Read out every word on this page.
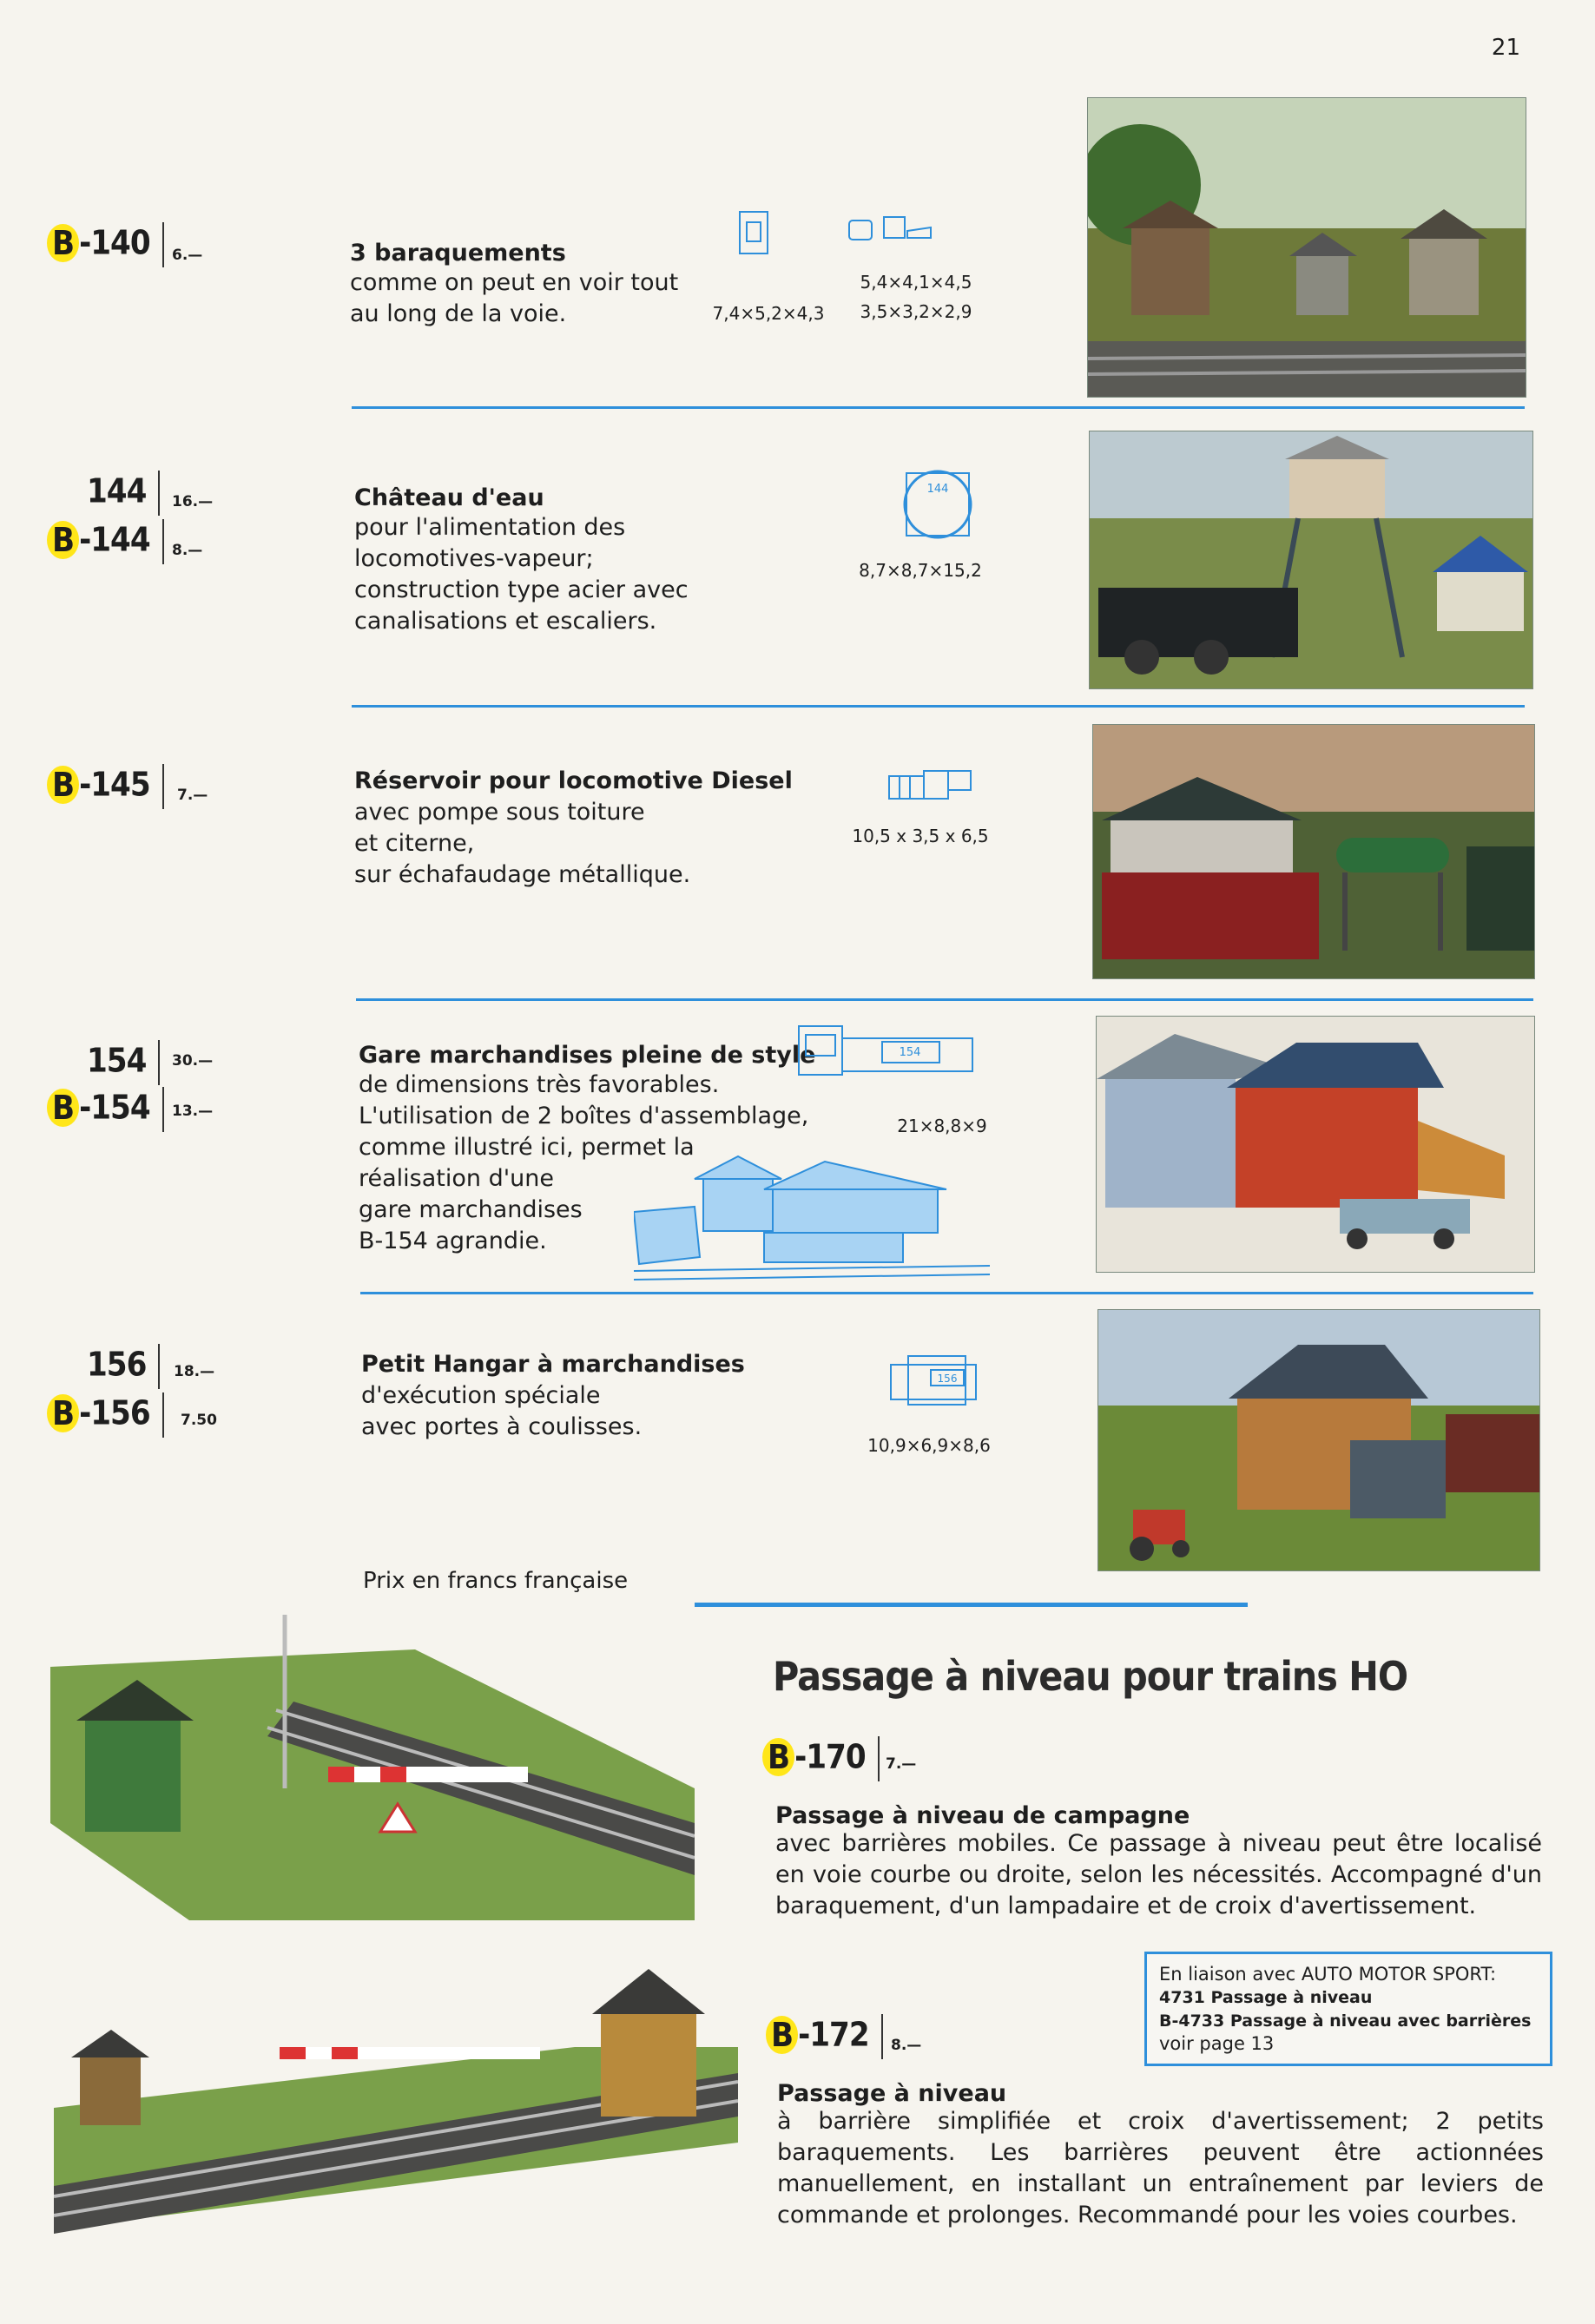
21
B -140	6.—	3 baraquements
comme on peut en voir tout
au long de la voie.	7,4×5,2×4,3
5,4×4,1×4,5
3,5×3,2×2,9
144	16.—
B -144	8.—
Château d'eau
pour l'alimentation des
locomotives-vapeur;
construction type acier avec
canalisations et escaliers.
144
8,7×8,7×15,2
B -145	7.—
Réservoir pour locomotive Diesel
avec pompe sous toiture
et citerne,
sur échafaudage métallique.
10,5 x 3,5 x 6,5
154	30.—
B -154	13.—
Gare marchandises pleine de style
de dimensions très favorables.
L'utilisation de 2 boîtes d'assemblage,
comme illustré ici, permet la
réalisation d'une
gare marchandises
B-154 agrandie.
154
21×8,8×9
156	18.—
B -156	7.50
Petit Hangar à marchandises
d'exécution spéciale
avec portes à coulisses.
156
10,9×6,9×8,6
Prix en francs française
Passage à niveau pour trains HO
B -170	7.—
Passage à niveau de campagne
avec barrières mobiles. Ce passage à niveau peut être localisé en voie courbe ou droite, selon les nécessités. Accompagné d'un baraquement, d'un lampadaire et de croix d'avertissement.
En liaison avec AUTO MOTOR SPORT:
4731 Passage à niveau
B-4733 Passage à niveau avec barrières
voir page 13
B -172	8.—
Passage à niveau
à barrière simplifiée et croix d'avertissement; 2 petits baraquements. Les barrières peuvent être actionnées manuellement, en installant un entraînement par leviers de commande et prolonges. Recommandé pour les voies courbes.
